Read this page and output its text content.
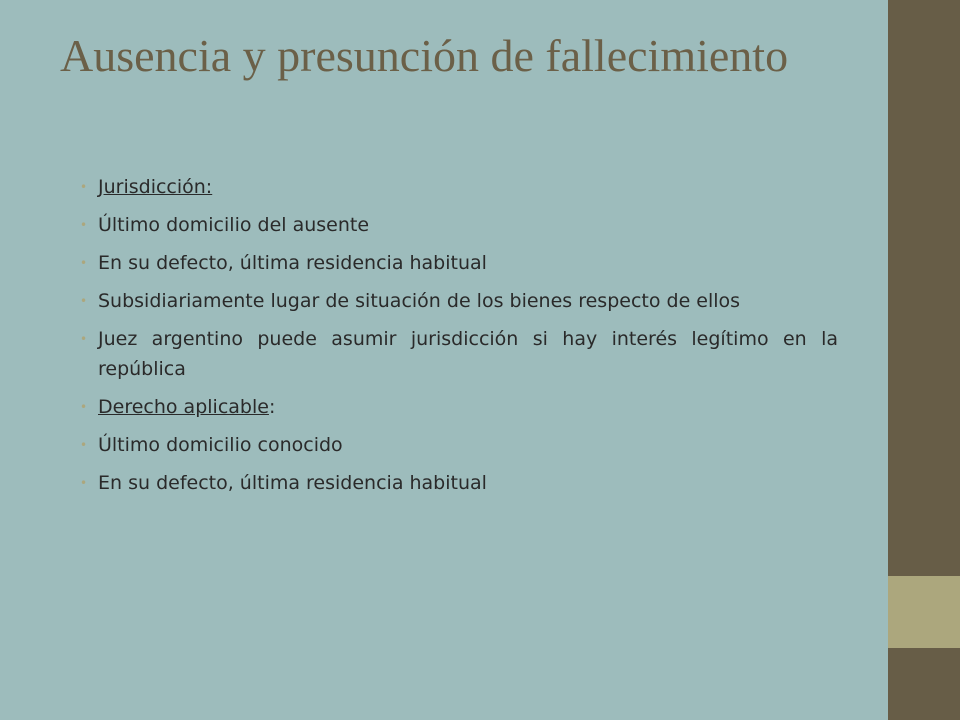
Ausencia y presunción de fallecimiento
• Jurisdicción:
• Último domicilio del ausente
• En su defecto, última residencia habitual
• Subsidiariamente lugar de situación de los bienes respecto de ellos
• Juez argentino puede asumir jurisdicción si hay interés legítimo en la república
• Derecho aplicable:
• Último domicilio conocido
• En su defecto, última residencia habitual
